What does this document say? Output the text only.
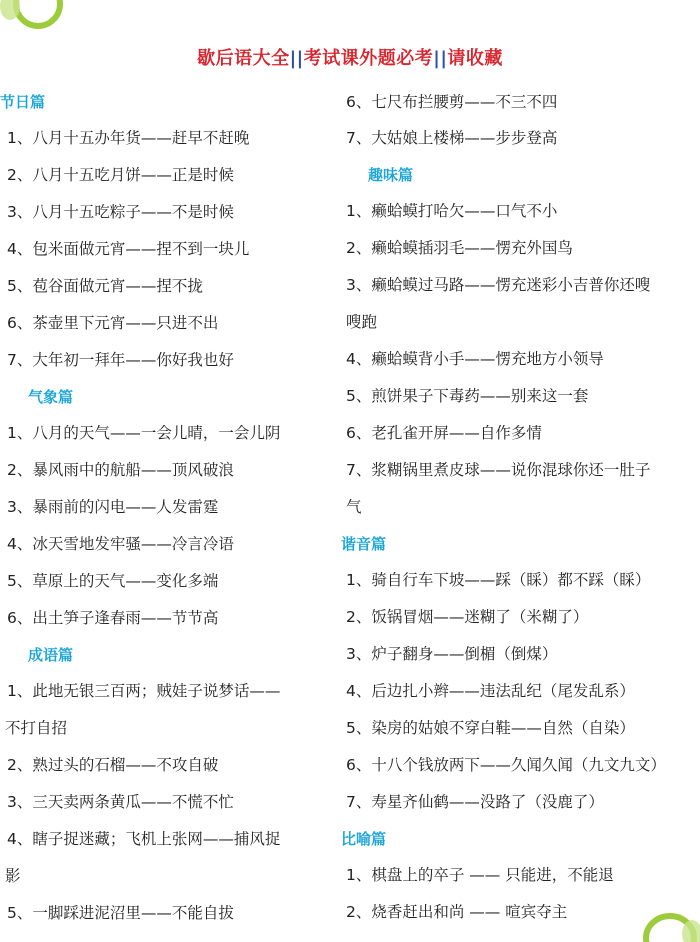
歇后语大全||考试课外题必考||请收藏
节日篇
1、八月十五办年货——赶早不赶晚
2、八月十五吃月饼——正是时候
3、八月十五吃粽子——不是时候
4、包米面做元宵——捏不到一块儿
5、苞谷面做元宵——捏不拢
6、茶壶里下元宵——只进不出
7、大年初一拜年——你好我也好
气象篇
1、八月的天气——一会儿晴，一会儿阴
2、暴风雨中的航船——顶风破浪
3、暴雨前的闪电——人发雷霆
4、冰天雪地发牢骚——冷言冷语
5、草原上的天气——变化多端
6、出土笋子逢春雨——节节高
成语篇
1、此地无银三百两；贼娃子说梦话——
不打自招
2、熟过头的石榴——不攻自破
3、三天卖两条黄瓜——不慌不忙
4、瞎子捉迷藏；飞机上张网——捕风捉
影
5、一脚踩进泥沼里——不能自拔
6、七尺布拦腰剪——不三不四
7、大姑娘上楼梯——步步登高
趣味篇
1、癞蛤蟆打哈欠——口气不小
2、癞蛤蟆插羽毛——愣充外国鸟
3、癞蛤蟆过马路——愣充迷彩小吉普你还嗖
嗖跑
4、癞蛤蟆背小手——愣充地方小领导
5、煎饼果子下毒药——别来这一套
6、老孔雀开屏——自作多情
7、浆糊锅里煮皮球——说你混球你还一肚子
气
谐音篇
1、骑自行车下坡——踩（睬）都不踩（睬）
2、饭锅冒烟——迷糊了（米糊了）
3、炉子翻身——倒楣（倒煤）
4、后边扎小辫——违法乱纪（尾发乱系）
5、染房的姑娘不穿白鞋——自然（自染）
6、十八个钱放两下——久闻久闻（九文九文）
7、寿星齐仙鹤——没路了（没鹿了）
比喻篇
1、棋盘上的卒子 —— 只能进，不能退
2、烧香赶出和尚 —— 喧宾夺主
